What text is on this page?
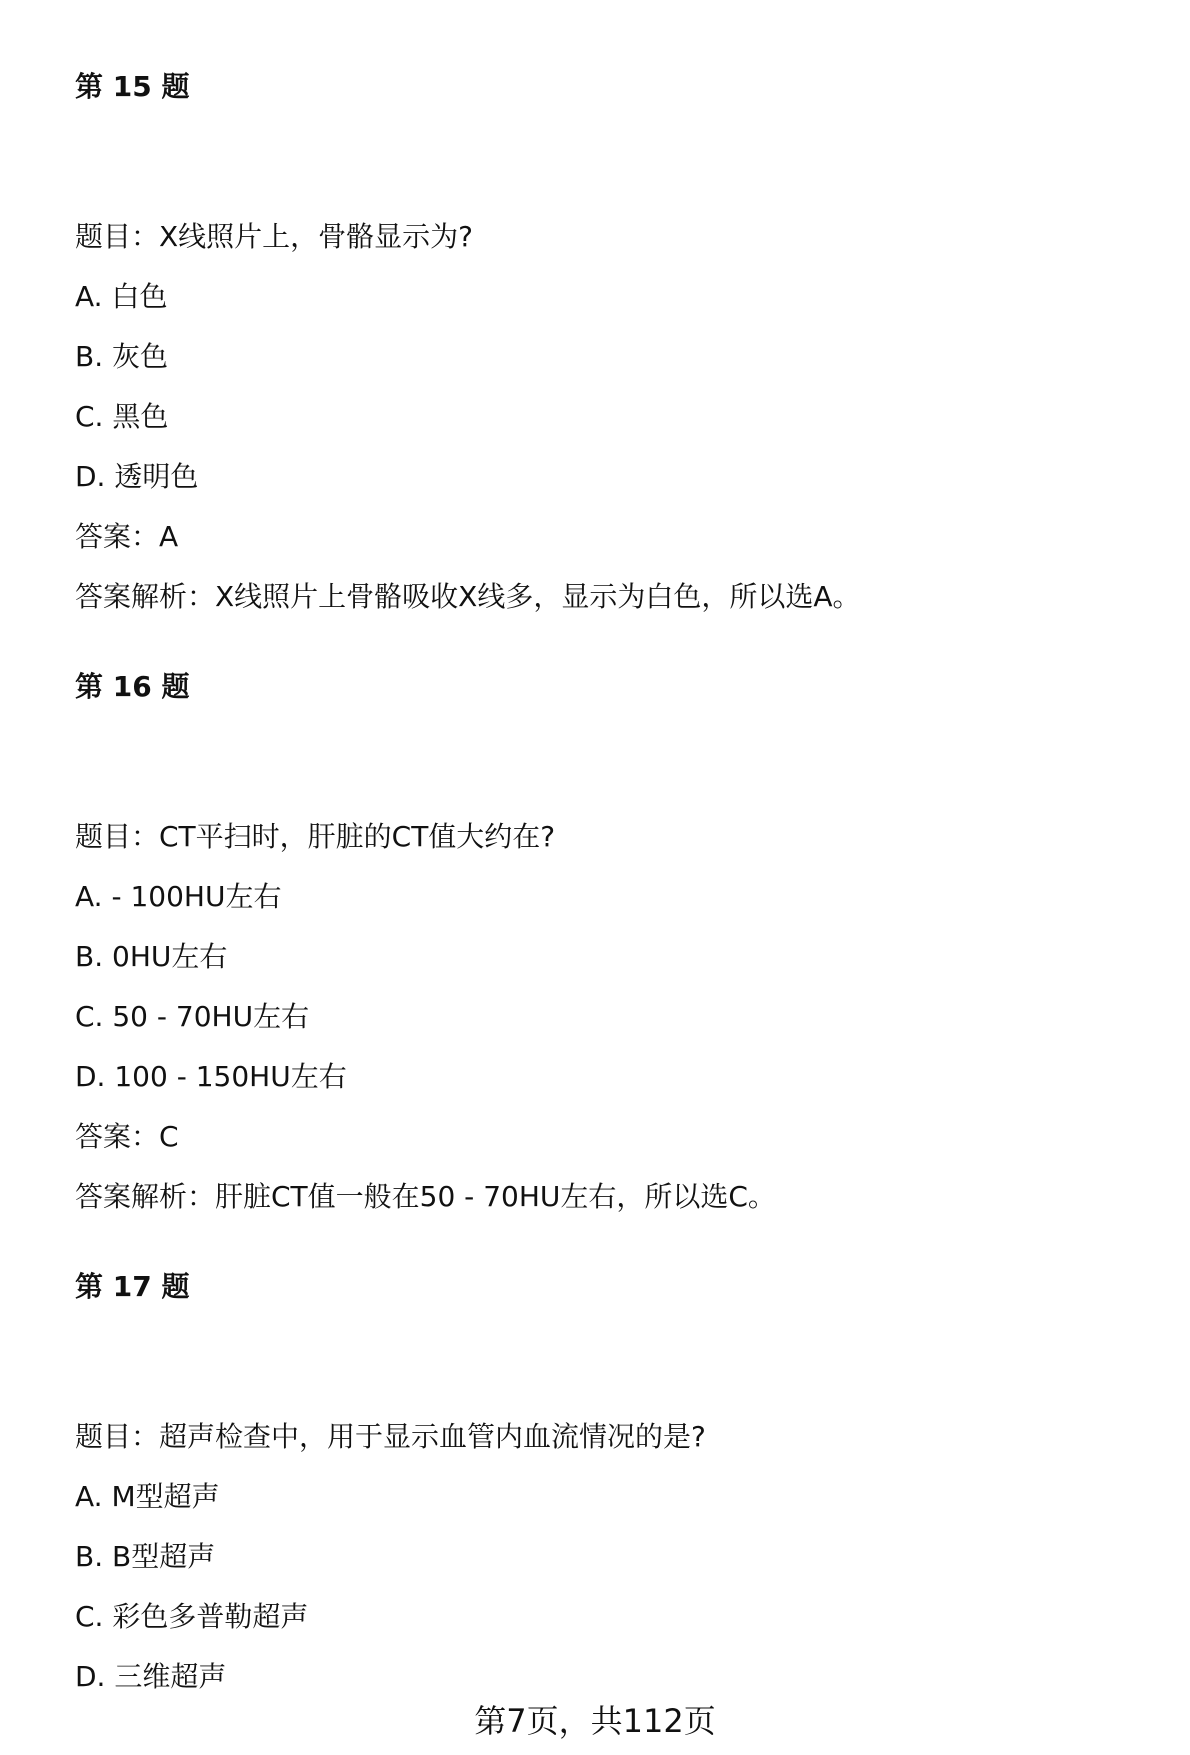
第 15 题
题目：X线照片上，骨骼显示为?
A. 白色
B. 灰色
C. 黑色
D. 透明色
答案：A
答案解析：X线照片上骨骼吸收X线多，显示为白色，所以选A。
第 16 题
题目：CT平扫时，肝脏的CT值大约在?
A. - 100HU左右
B. 0HU左右
C. 50 - 70HU左右
D. 100 - 150HU左右
答案：C
答案解析：肝脏CT值一般在50 - 70HU左右，所以选C。
第 17 题
题目：超声检查中，用于显示血管内血流情况的是?
A. M型超声
B. B型超声
C. 彩色多普勒超声
D. 三维超声
第7页，共112页
